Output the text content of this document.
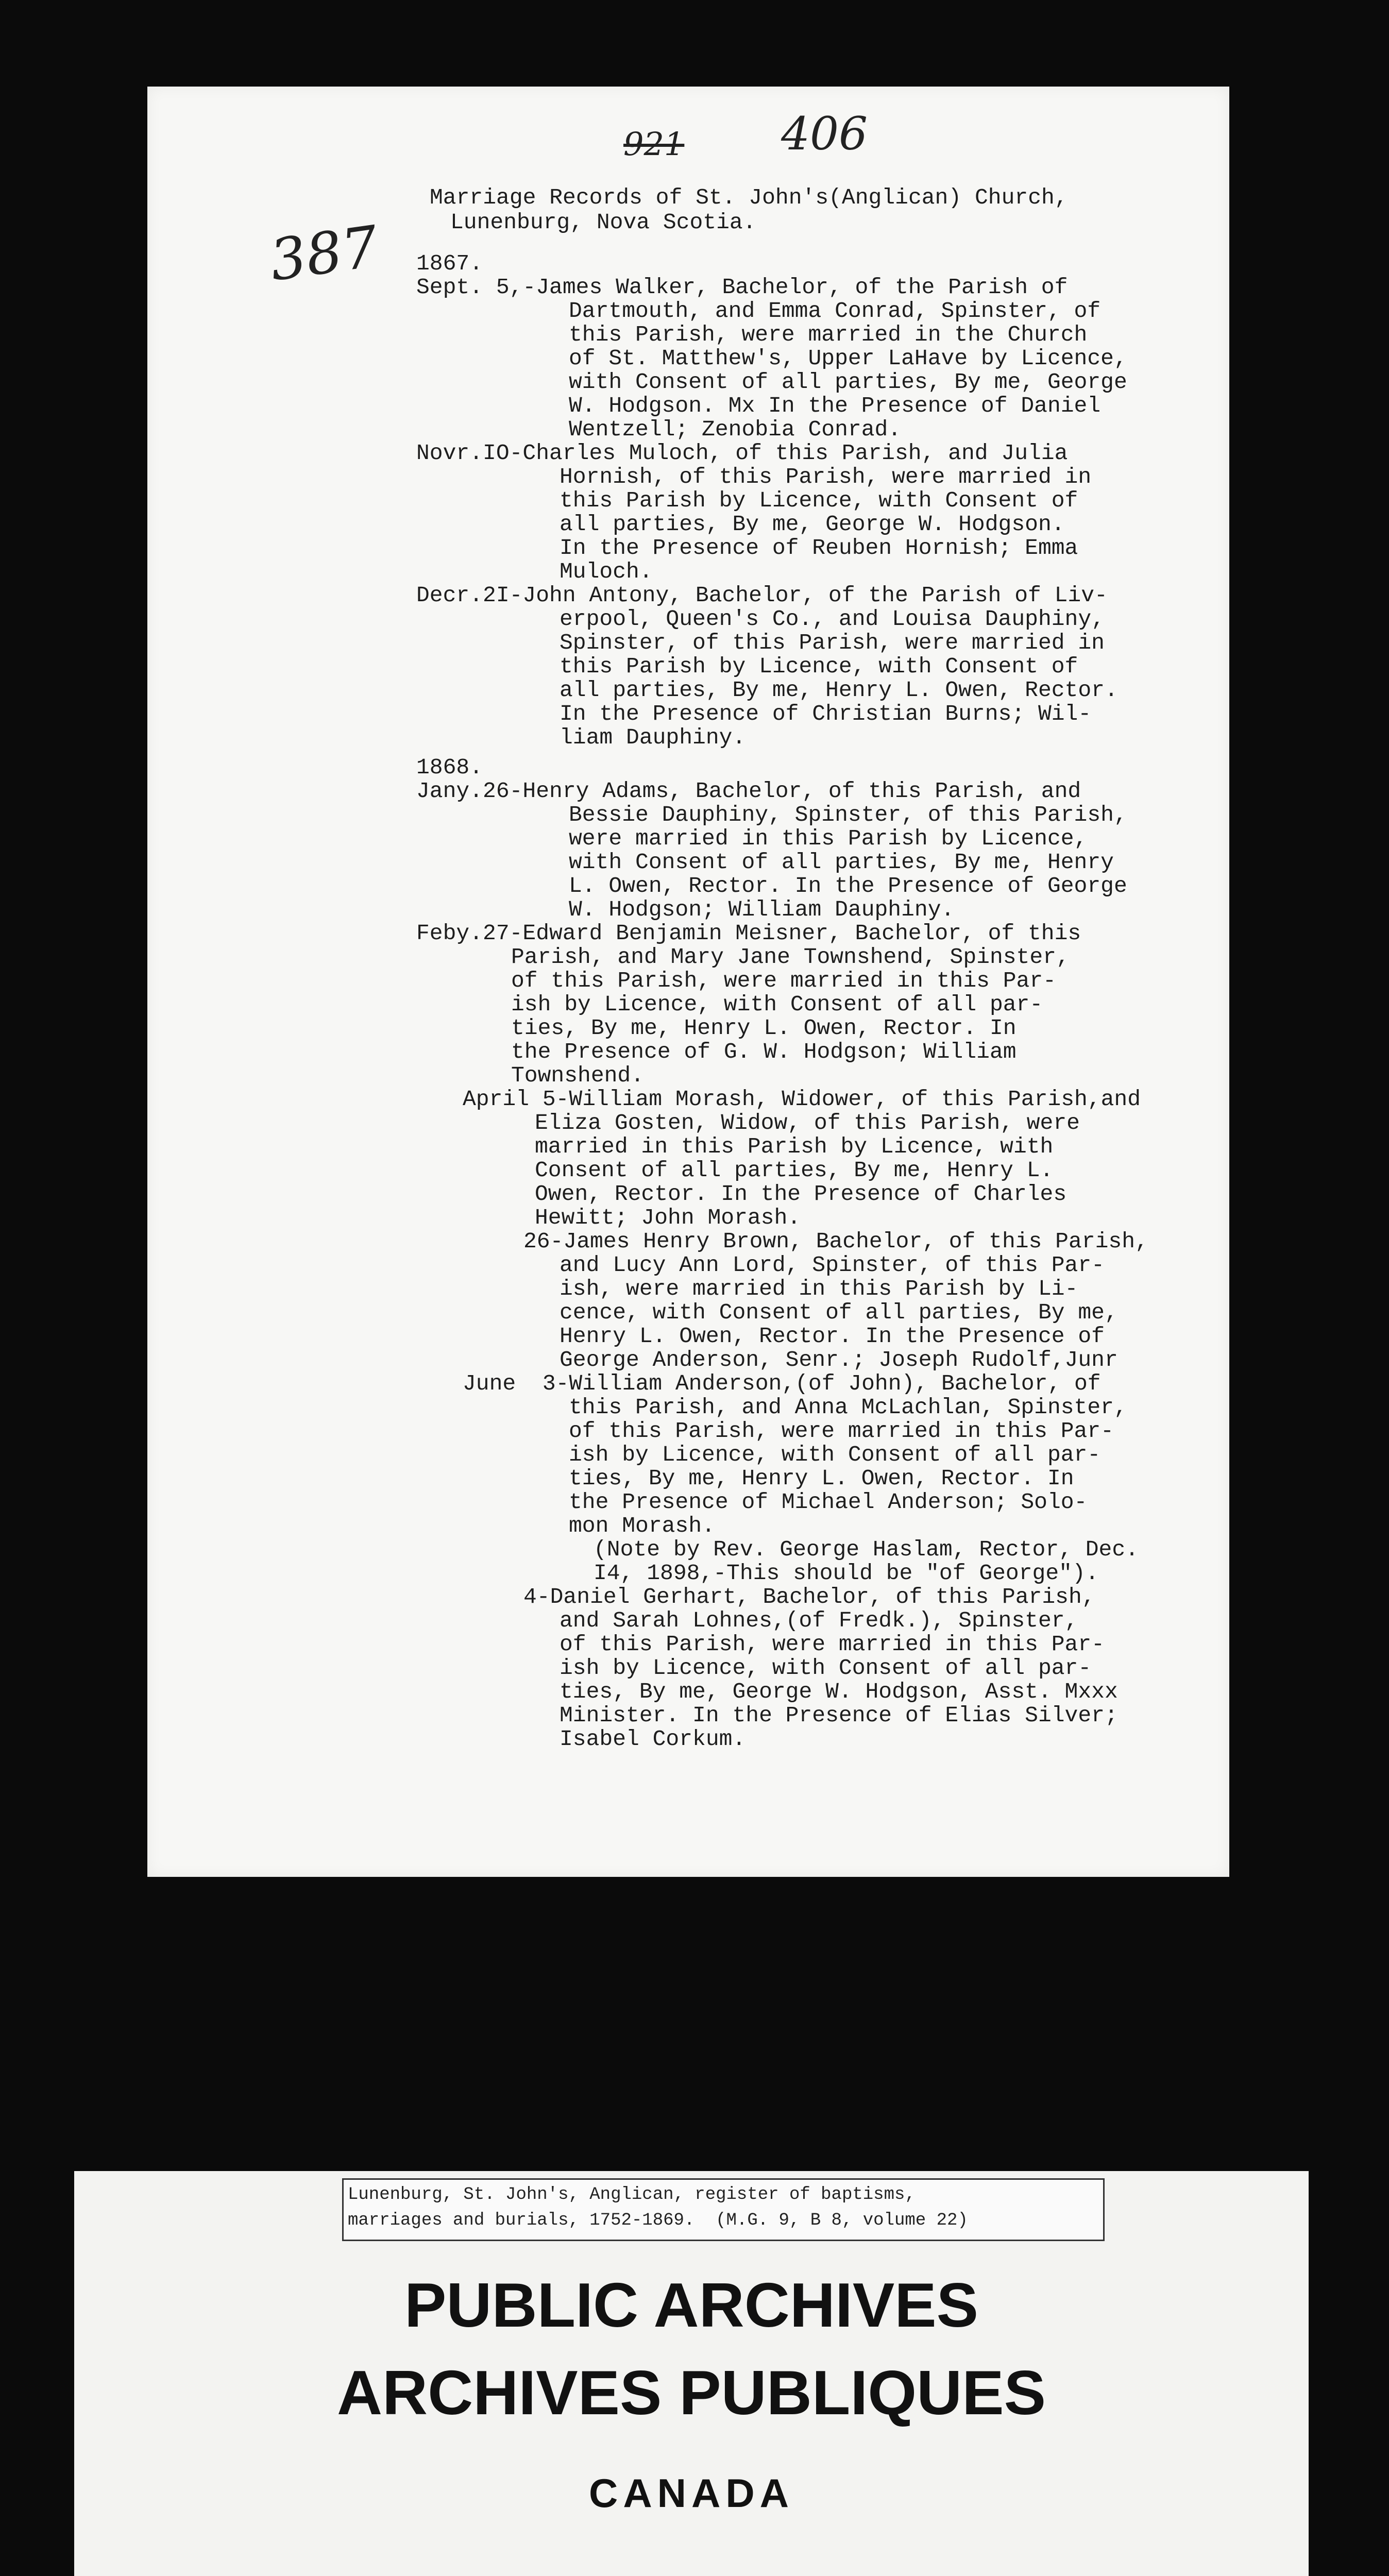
921 406
387
Marriage Records of St. John's(Anglican) Church,
Lunenburg, Nova Scotia.
1867.
Sept. 5,-James Walker, Bachelor, of the Parish of
Dartmouth, and Emma Conrad, Spinster, of
this Parish, were married in the Church
of St. Matthew's, Upper LaHave by Licence,
with Consent of all parties, By me, George
W. Hodgson. Mx In the Presence of Daniel
Wentzell; Zenobia Conrad.
Novr.IO-Charles Muloch, of this Parish, and Julia
Hornish, of this Parish, were married in
this Parish by Licence, with Consent of
all parties, By me, George W. Hodgson.
In the Presence of Reuben Hornish; Emma
Muloch.
Decr.2I-John Antony, Bachelor, of the Parish of Liv-
erpool, Queen's Co., and Louisa Dauphiny,
Spinster, of this Parish, were married in
this Parish by Licence, with Consent of
all parties, By me, Henry L. Owen, Rector.
In the Presence of Christian Burns; Wil-
liam Dauphiny.
1868.
Jany.26-Henry Adams, Bachelor, of this Parish, and
Bessie Dauphiny, Spinster, of this Parish,
were married in this Parish by Licence,
with Consent of all parties, By me, Henry
L. Owen, Rector. In the Presence of George
W. Hodgson; William Dauphiny.
Feby.27-Edward Benjamin Meisner, Bachelor, of this
Parish, and Mary Jane Townshend, Spinster,
of this Parish, were married in this Par-
ish by Licence, with Consent of all par-
ties, By me, Henry L. Owen, Rector. In
the Presence of G. W. Hodgson; William
Townshend.
April 5-William Morash, Widower, of this Parish,and
Eliza Gosten, Widow, of this Parish, were
married in this Parish by Licence, with
Consent of all parties, By me, Henry L.
Owen, Rector. In the Presence of Charles
Hewitt; John Morash.
26-James Henry Brown, Bachelor, of this Parish,
and Lucy Ann Lord, Spinster, of this Par-
ish, were married in this Parish by Li-
cence, with Consent of all parties, By me,
Henry L. Owen, Rector. In the Presence of
George Anderson, Senr.; Joseph Rudolf,Junr
June  3-William Anderson,(of John), Bachelor, of
this Parish, and Anna McLachlan, Spinster,
of this Parish, were married in this Par-
ish by Licence, with Consent of all par-
ties, By me, Henry L. Owen, Rector. In
the Presence of Michael Anderson; Solo-
mon Morash.
(Note by Rev. George Haslam, Rector, Dec.
I4, 1898,-This should be "of George").
4-Daniel Gerhart, Bachelor, of this Parish,
and Sarah Lohnes,(of Fredk.), Spinster,
of this Parish, were married in this Par-
ish by Licence, with Consent of all par-
ties, By me, George W. Hodgson, Asst. Mxxx
Minister. In the Presence of Elias Silver;
Isabel Corkum.
Lunenburg, St. John's, Anglican, register of baptisms,
marriages and burials, 1752-1869.  (M.G. 9, B 8, volume 22)
PUBLIC ARCHIVES
ARCHIVES PUBLIQUES
CANADA
